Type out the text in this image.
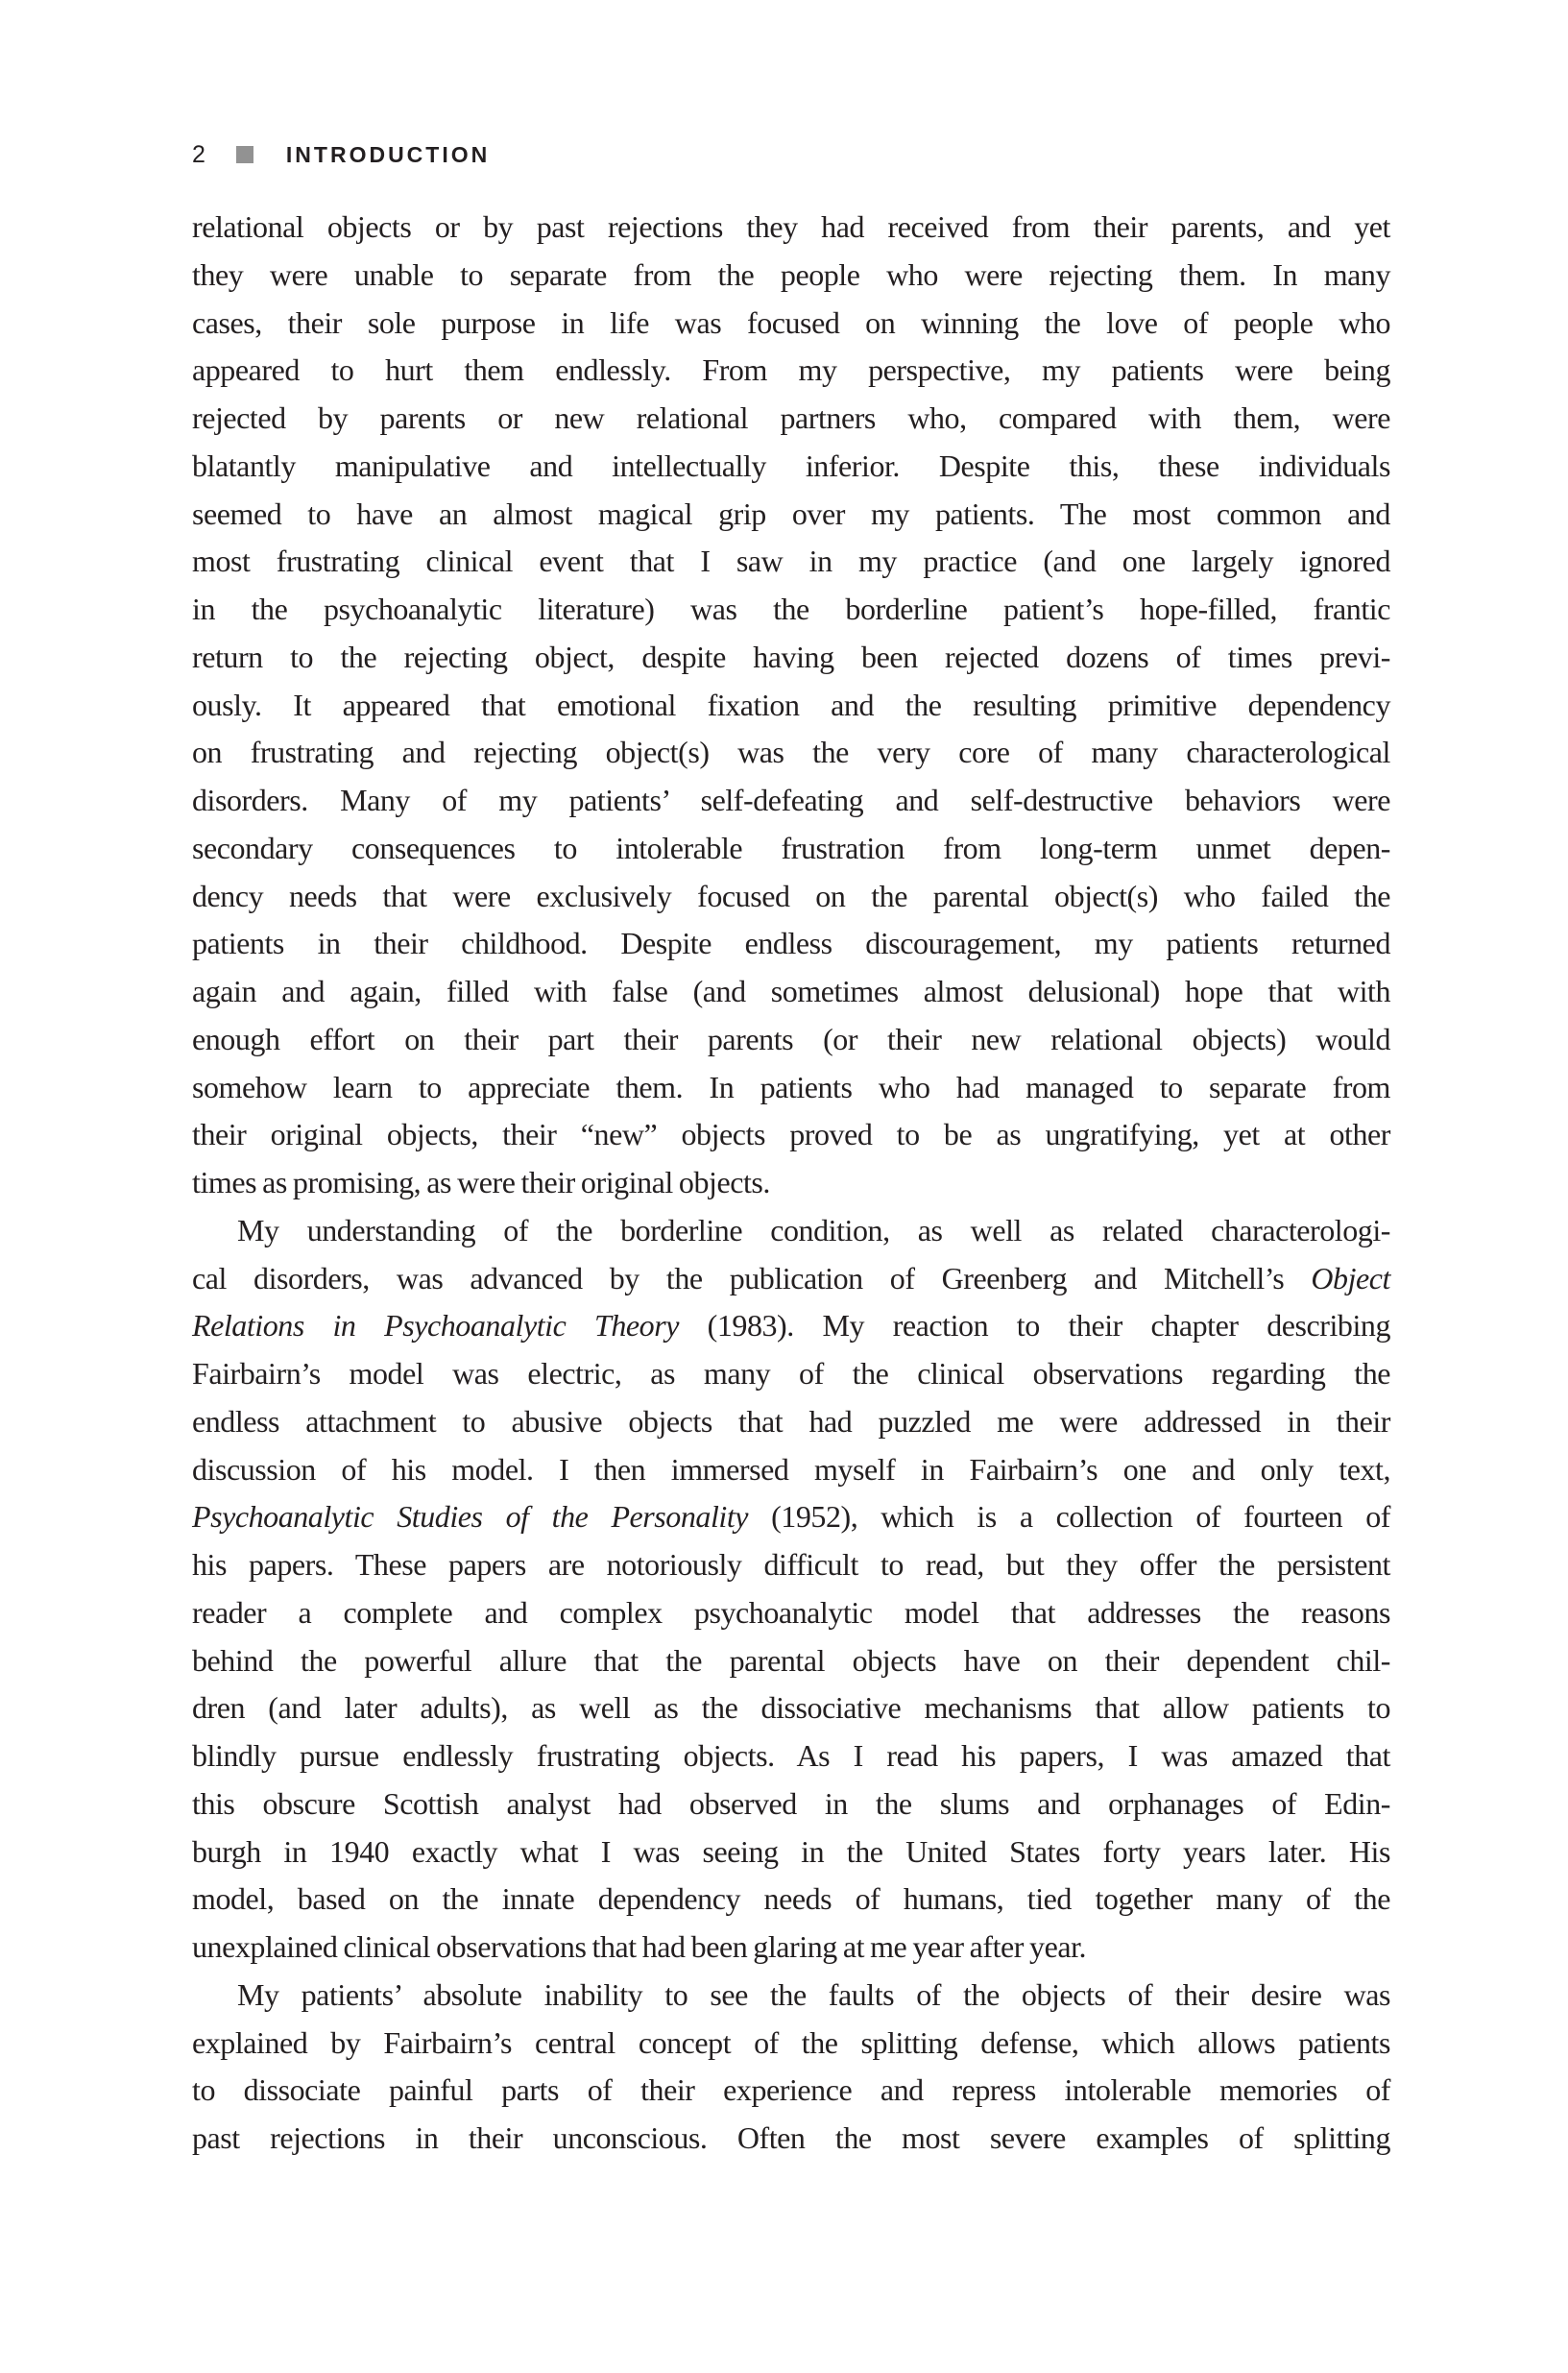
2	INTRODUCTION
relational objects or by past rejections they had received from their parents, and yet
they were unable to separate from the people who were rejecting them. In many
cases, their sole purpose in life was focused on winning the love of people who
appeared to hurt them endlessly. From my perspective, my patients were being
rejected by parents or new relational partners who, compared with them, were
blatantly manipulative and intellectually inferior. Despite this, these individuals
seemed to have an almost magical grip over my patients. The most common and
most frustrating clinical event that I saw in my practice (and one largely ignored
in the psychoanalytic literature) was the borderline patient’s hope-filled, frantic
return to the rejecting object, despite having been rejected dozens of times previ-
ously. It appeared that emotional fixation and the resulting primitive dependency
on frustrating and rejecting object(s) was the very core of many characterological
disorders. Many of my patients’ self-defeating and self-destructive behaviors were
secondary consequences to intolerable frustration from long-term unmet depen-
dency needs that were exclusively focused on the parental object(s) who failed the
patients in their childhood. Despite endless discouragement, my patients returned
again and again, filled with false (and sometimes almost delusional) hope that with
enough effort on their part their parents (or their new relational objects) would
somehow learn to appreciate them. In patients who had managed to separate from
their original objects, their “new” objects proved to be as ungratifying, yet at other
times as promising, as were their original objects.
My understanding of the borderline condition, as well as related characterologi-
cal disorders, was advanced by the publication of Greenberg and Mitchell’s Object
Relations in Psychoanalytic Theory (1983). My reaction to their chapter describing
Fairbairn’s model was electric, as many of the clinical observations regarding the
endless attachment to abusive objects that had puzzled me were addressed in their
discussion of his model. I then immersed myself in Fairbairn’s one and only text,
Psychoanalytic Studies of the Personality (1952), which is a collection of fourteen of
his papers. These papers are notoriously difficult to read, but they offer the persistent
reader a complete and complex psychoanalytic model that addresses the reasons
behind the powerful allure that the parental objects have on their dependent chil-
dren (and later adults), as well as the dissociative mechanisms that allow patients to
blindly pursue endlessly frustrating objects. As I read his papers, I was amazed that
this obscure Scottish analyst had observed in the slums and orphanages of Edin-
burgh in 1940 exactly what I was seeing in the United States forty years later. His
model, based on the innate dependency needs of humans, tied together many of the
unexplained clinical observations that had been glaring at me year after year.
My patients’ absolute inability to see the faults of the objects of their desire was
explained by Fairbairn’s central concept of the splitting defense, which allows patients
to dissociate painful parts of their experience and repress intolerable memories of
past rejections in their unconscious. Often the most severe examples of splitting
